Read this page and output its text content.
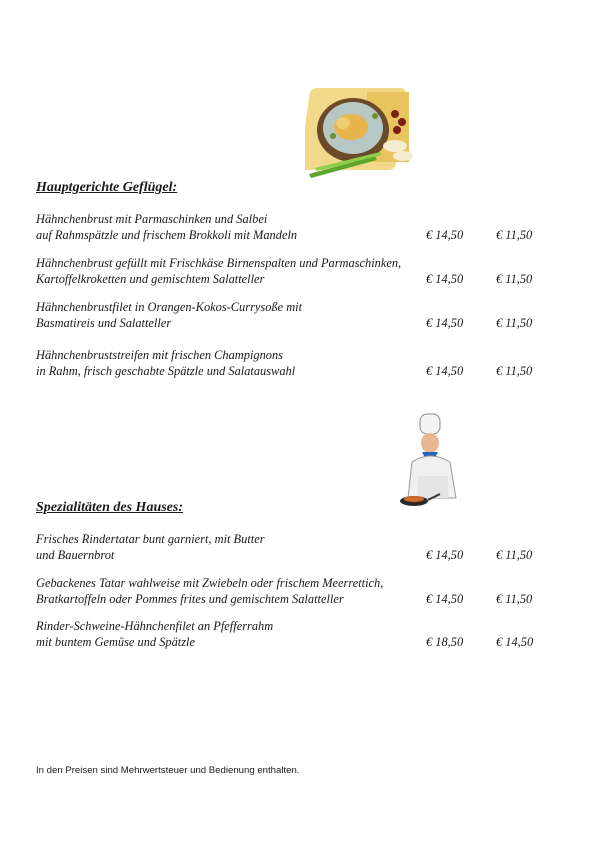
Hauptgerichte Geflügel:
Hähnchenbrust mit Parmaschinken und Salbei
auf Rahmspätzle und frischem Brokkoli mit Mandeln	€ 14,50	€ 11,50
Hähnchenbrust gefüllt mit Frischkäse Birnenspalten und Parmaschinken,
Kartoffelkroketten und gemischtem Salatteller	€ 14,50	€ 11,50
Hähnchenbrustfilet in Orangen-Kokos-Currysoße mit
Basmatireis und Salatteller	€ 14,50	€ 11,50
Hähnchenbruststreifen mit frischen Champignons
in Rahm, frisch geschabte Spätzle und Salatauswahl	€ 14,50	€ 11,50
Spezialitäten des Hauses:
Frisches Rindertatar bunt garniert, mit Butter
und Bauernbrot	€ 14,50	€ 11,50
Gebackenes Tatar wahlweise mit Zwiebeln oder frischem Meerrettich,
Bratkartoffeln oder Pommes frites und gemischtem Salatteller	€ 14,50	€ 11,50
Rinder-Schweine-Hähnchenfilet an Pfefferrahm
mit buntem Gemüse und Spätzle	€ 18,50	€ 14,50
In den Preisen sind Mehrwertsteuer und Bedienung enthalten.
